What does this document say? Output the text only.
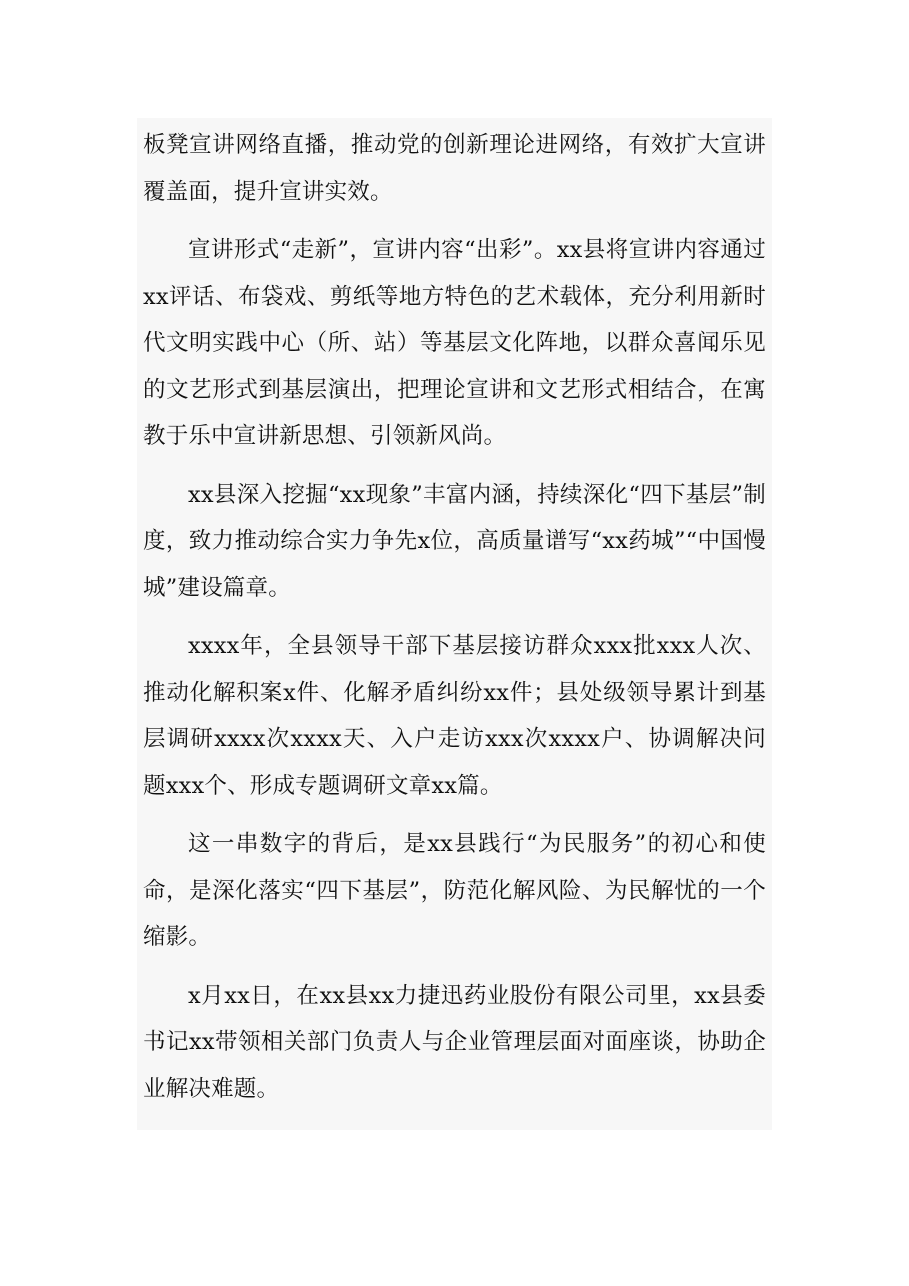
板凳宣讲网络直播，推动党的创新理论进网络，有效扩大宣讲覆盖面，提升宣讲实效。

宣讲形式“走新”，宣讲内容“出彩”。xx县将宣讲内容通过xx评话、布袋戏、剪纸等地方特色的艺术载体，充分利用新时代文明实践中心（所、站）等基层文化阵地，以群众喜闻乐见的文艺形式到基层演出，把理论宣讲和文艺形式相结合，在寓教于乐中宣讲新思想、引领新风尚。

xx县深入挖掘“xx现象”丰富内涵，持续深化“四下基层”制度，致力推动综合实力争先x位，高质量谱写“xx药城”“中国慢城”建设篇章。

xxxx年，全县领导干部下基层接访群众xxx批xxx人次、推动化解积案x件、化解矛盾纠纷xx件；县处级领导累计到基层调研xxxx次xxxx天、入户走访xxx次xxxx户、协调解决问题xxx个、形成专题调研文章xx篇。

这一串数字的背后，是xx县践行“为民服务”的初心和使命，是深化落实“四下基层”，防范化解风险、为民解忧的一个缩影。

x月xx日，在xx县xx力捷迅药业股份有限公司里，xx县委书记xx带领相关部门负责人与企业管理层面对面座谈，协助企业解决难题。
